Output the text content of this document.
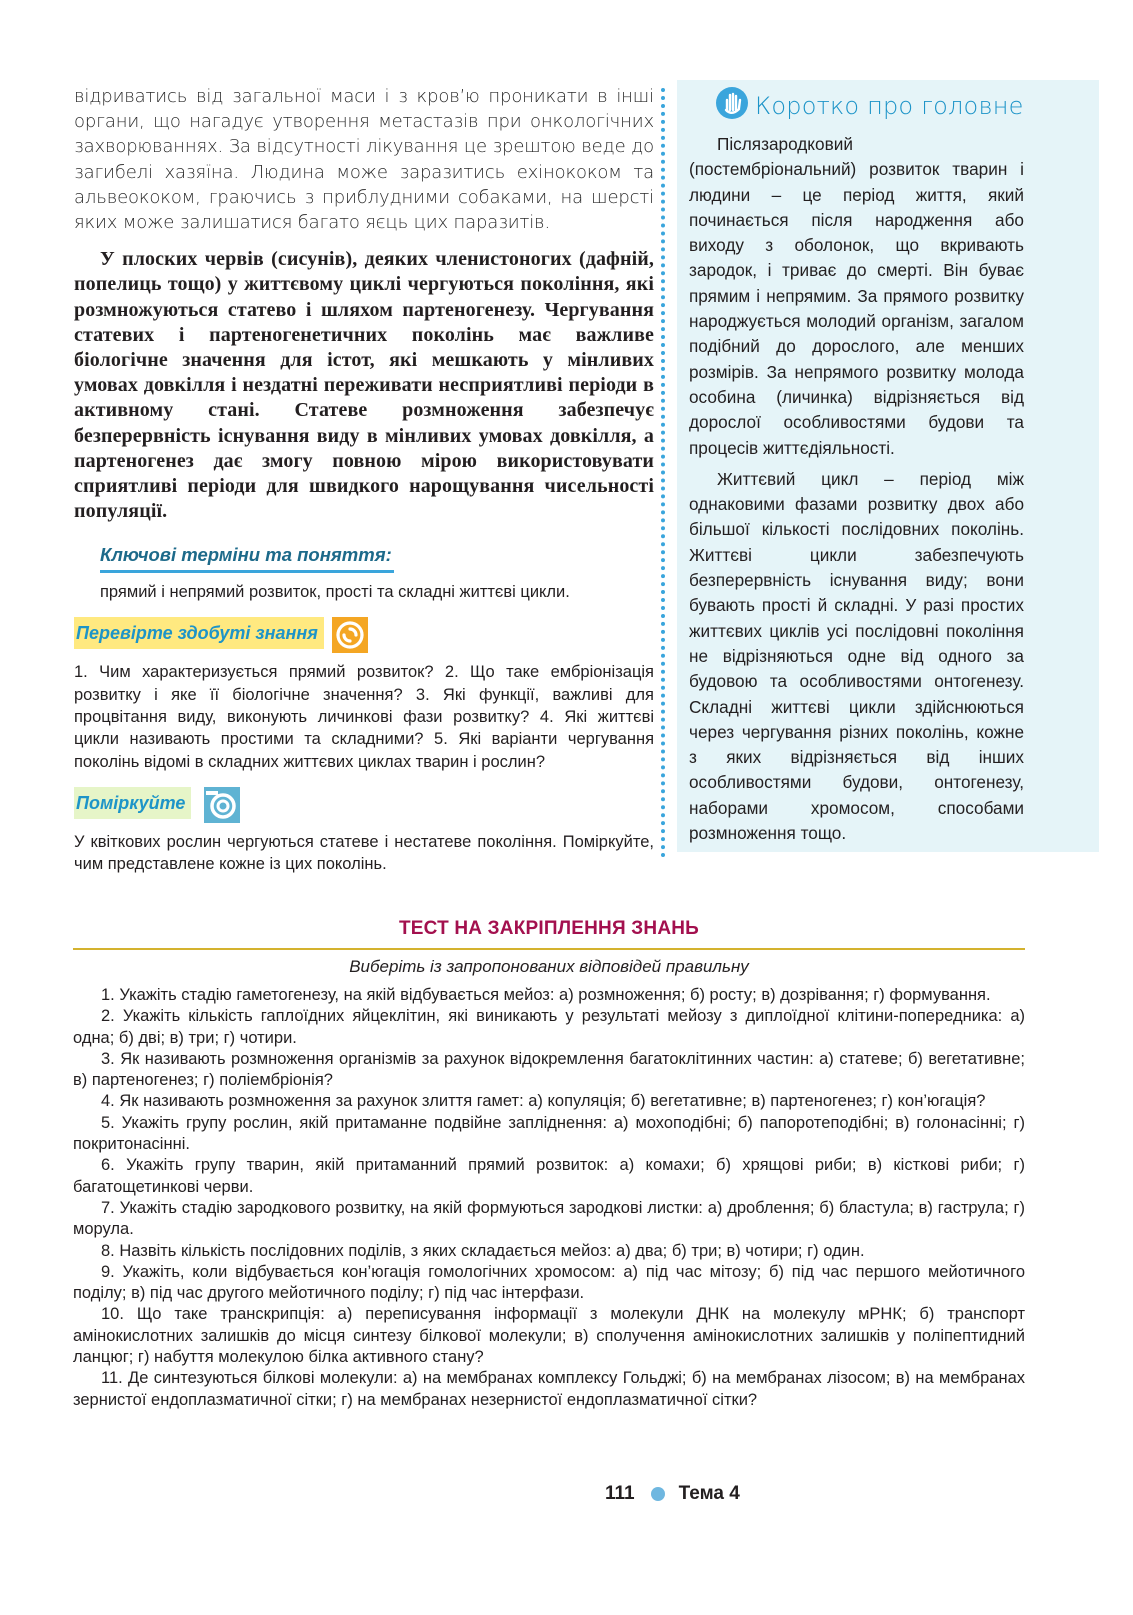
відриватись від загальної маси і з кров’ю проникати в інші органи, що нагадує утворення метастазів при онкологічних захворюваннях. За відсутності лікування це зрештою веде до загибелі хазяїна. Людина може заразитись ехінококом та альвеококом, граючись з приблудними собаками, на шерсті яких може залишатися багато яєць цих паразитів.

У плоских червів (сисунів), деяких членистоногих (дафній, попелиць тощо) у життєвому циклі чергуються покоління, які розмножуються статево і шляхом партеногенезу. Чергування статевих і партеногенетичних поколінь має важливе біологічне значення для істот, які мешкають у мінливих умовах довкілля і нездатні переживати несприятливі періоди в активному стані. Статеве розмноження забезпечує безперервність існування виду в мінливих умовах довкілля, а партеногенез дає змогу повною мірою використовувати сприятливі періоди для швидкого нарощування чисельності популяції.

Ключові терміни та поняття:
прямий і непрямий розвиток, прості та складні життєві цикли.
Перевірте здобуті знання

1. Чим характеризується прямий розвиток? 2. Що таке ембріонізація розвитку і яке її біологічне значення? 3. Які функції, важливі для процвітання виду, виконують личинкові фази розвитку? 4. Які життєві цикли називають простими та складними? 5. Які варіанти чергування поколінь відомі в складних життєвих циклах тварин і рослин?

Поміркуйте

У квіткових рослин чергуються статеве і нестатеве покоління. Поміркуйте, чим представлене кожне із цих поколінь.

Коротко про головне

Післязародковий (постембріональний) розвиток тварин і людини – це період життя, який починається після народження або виходу з оболонок, що вкривають зародок, і триває до смерті. Він буває прямим і непрямим. За прямого розвитку народжується молодий організм, загалом подібний до дорослого, але менших розмірів. За непрямого розвитку молода особина (личинка) відрізняється від дорослої особливостями будови та процесів життєдіяльності.

Життєвий цикл – період між однаковими фазами розвитку двох або більшої кількості послідовних поколінь. Життєві цикли забезпечують безперервність існування виду; вони бувають прості й складні. У разі простих життєвих циклів усі послідовні покоління не відрізняються одне від одного за будовою та особливостями онтогенезу. Складні життєві цикли здійснюються через чергування різних поколінь, кожне з яких відрізняється від інших особливостями будови, онтогенезу, наборами хромосом, способами розмноження тощо.

ТЕСТ НА ЗАКРІПЛЕННЯ ЗНАНЬ
Виберіть із запропонованих відповідей правильну

1. Укажіть стадію гаметогенезу, на якій відбувається мейоз: а) розмноження; б) росту; в) дозрівання; г) формування.

2. Укажіть кількість гаплоїдних яйцеклітин, які виникають у результаті мейозу з диплоїдної клітини-попередника: а) одна; б) дві; в) три; г) чотири.

3. Як називають розмноження організмів за рахунок відокремлення багатоклітинних частин: а) статеве; б) вегетативне; в) партеногенез; г) поліембріонія?

4. Як називають розмноження за рахунок злиття гамет: а) копуляція; б) вегетативне; в) партеногенез; г) кон’югація?

5. Укажіть групу рослин, якій притаманне подвійне запліднення: а) мохоподібні; б) папоротеподібні; в) голонасінні; г) покритонасінні.

6. Укажіть групу тварин, якій притаманний прямий розвиток: а) комахи; б) хрящові риби; в) кісткові риби; г) багатощетинкові черви.

7. Укажіть стадію зародкового розвитку, на якій формуються зародкові листки: а) дроблення; б) бластула; в) гаструла; г) морула.

8. Назвіть кількість послідовних поділів, з яких складається мейоз: а) два; б) три; в) чотири; г) один.

9. Укажіть, коли відбувається кон’югація гомологічних хромосом: а) під час мітозу; б) під час першого мейотичного поділу; в) під час другого мейотичного поділу; г) під час інтерфази.

10. Що таке транскрипція: а) переписування інформації з молекули ДНК на молекулу мРНК; б) транспорт амінокислотних залишків до місця синтезу білкової молекули; в) сполучення амінокислотних залишків у поліпептидний ланцюг; г) набуття молекулою білка активного стану?

11. Де синтезуються білкові молекули: а) на мембранах комплексу Гольджі; б) на мембранах лізосом; в) на мембранах зернистої ендоплазматичної сітки; г) на мембранах незернистої ендоплазматичної сітки?

111 Тема 4
